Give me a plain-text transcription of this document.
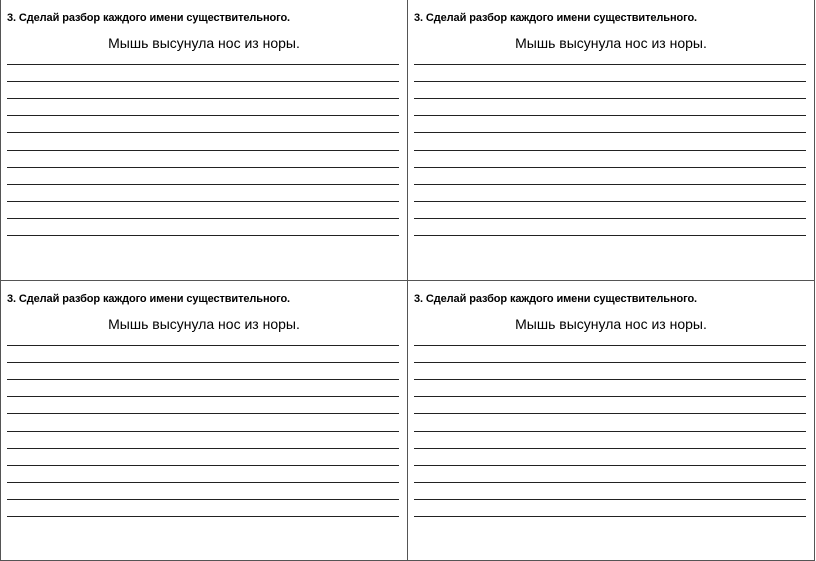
3. Сделай разбор каждого имени существительного.
Мышь высунула нос из норы.
3. Сделай разбор каждого имени существительного.
Мышь высунула нос из норы.
3. Сделай разбор каждого имени существительного.
Мышь высунула нос из норы.
3. Сделай разбор каждого имени существительного.
Мышь высунула нос из норы.
